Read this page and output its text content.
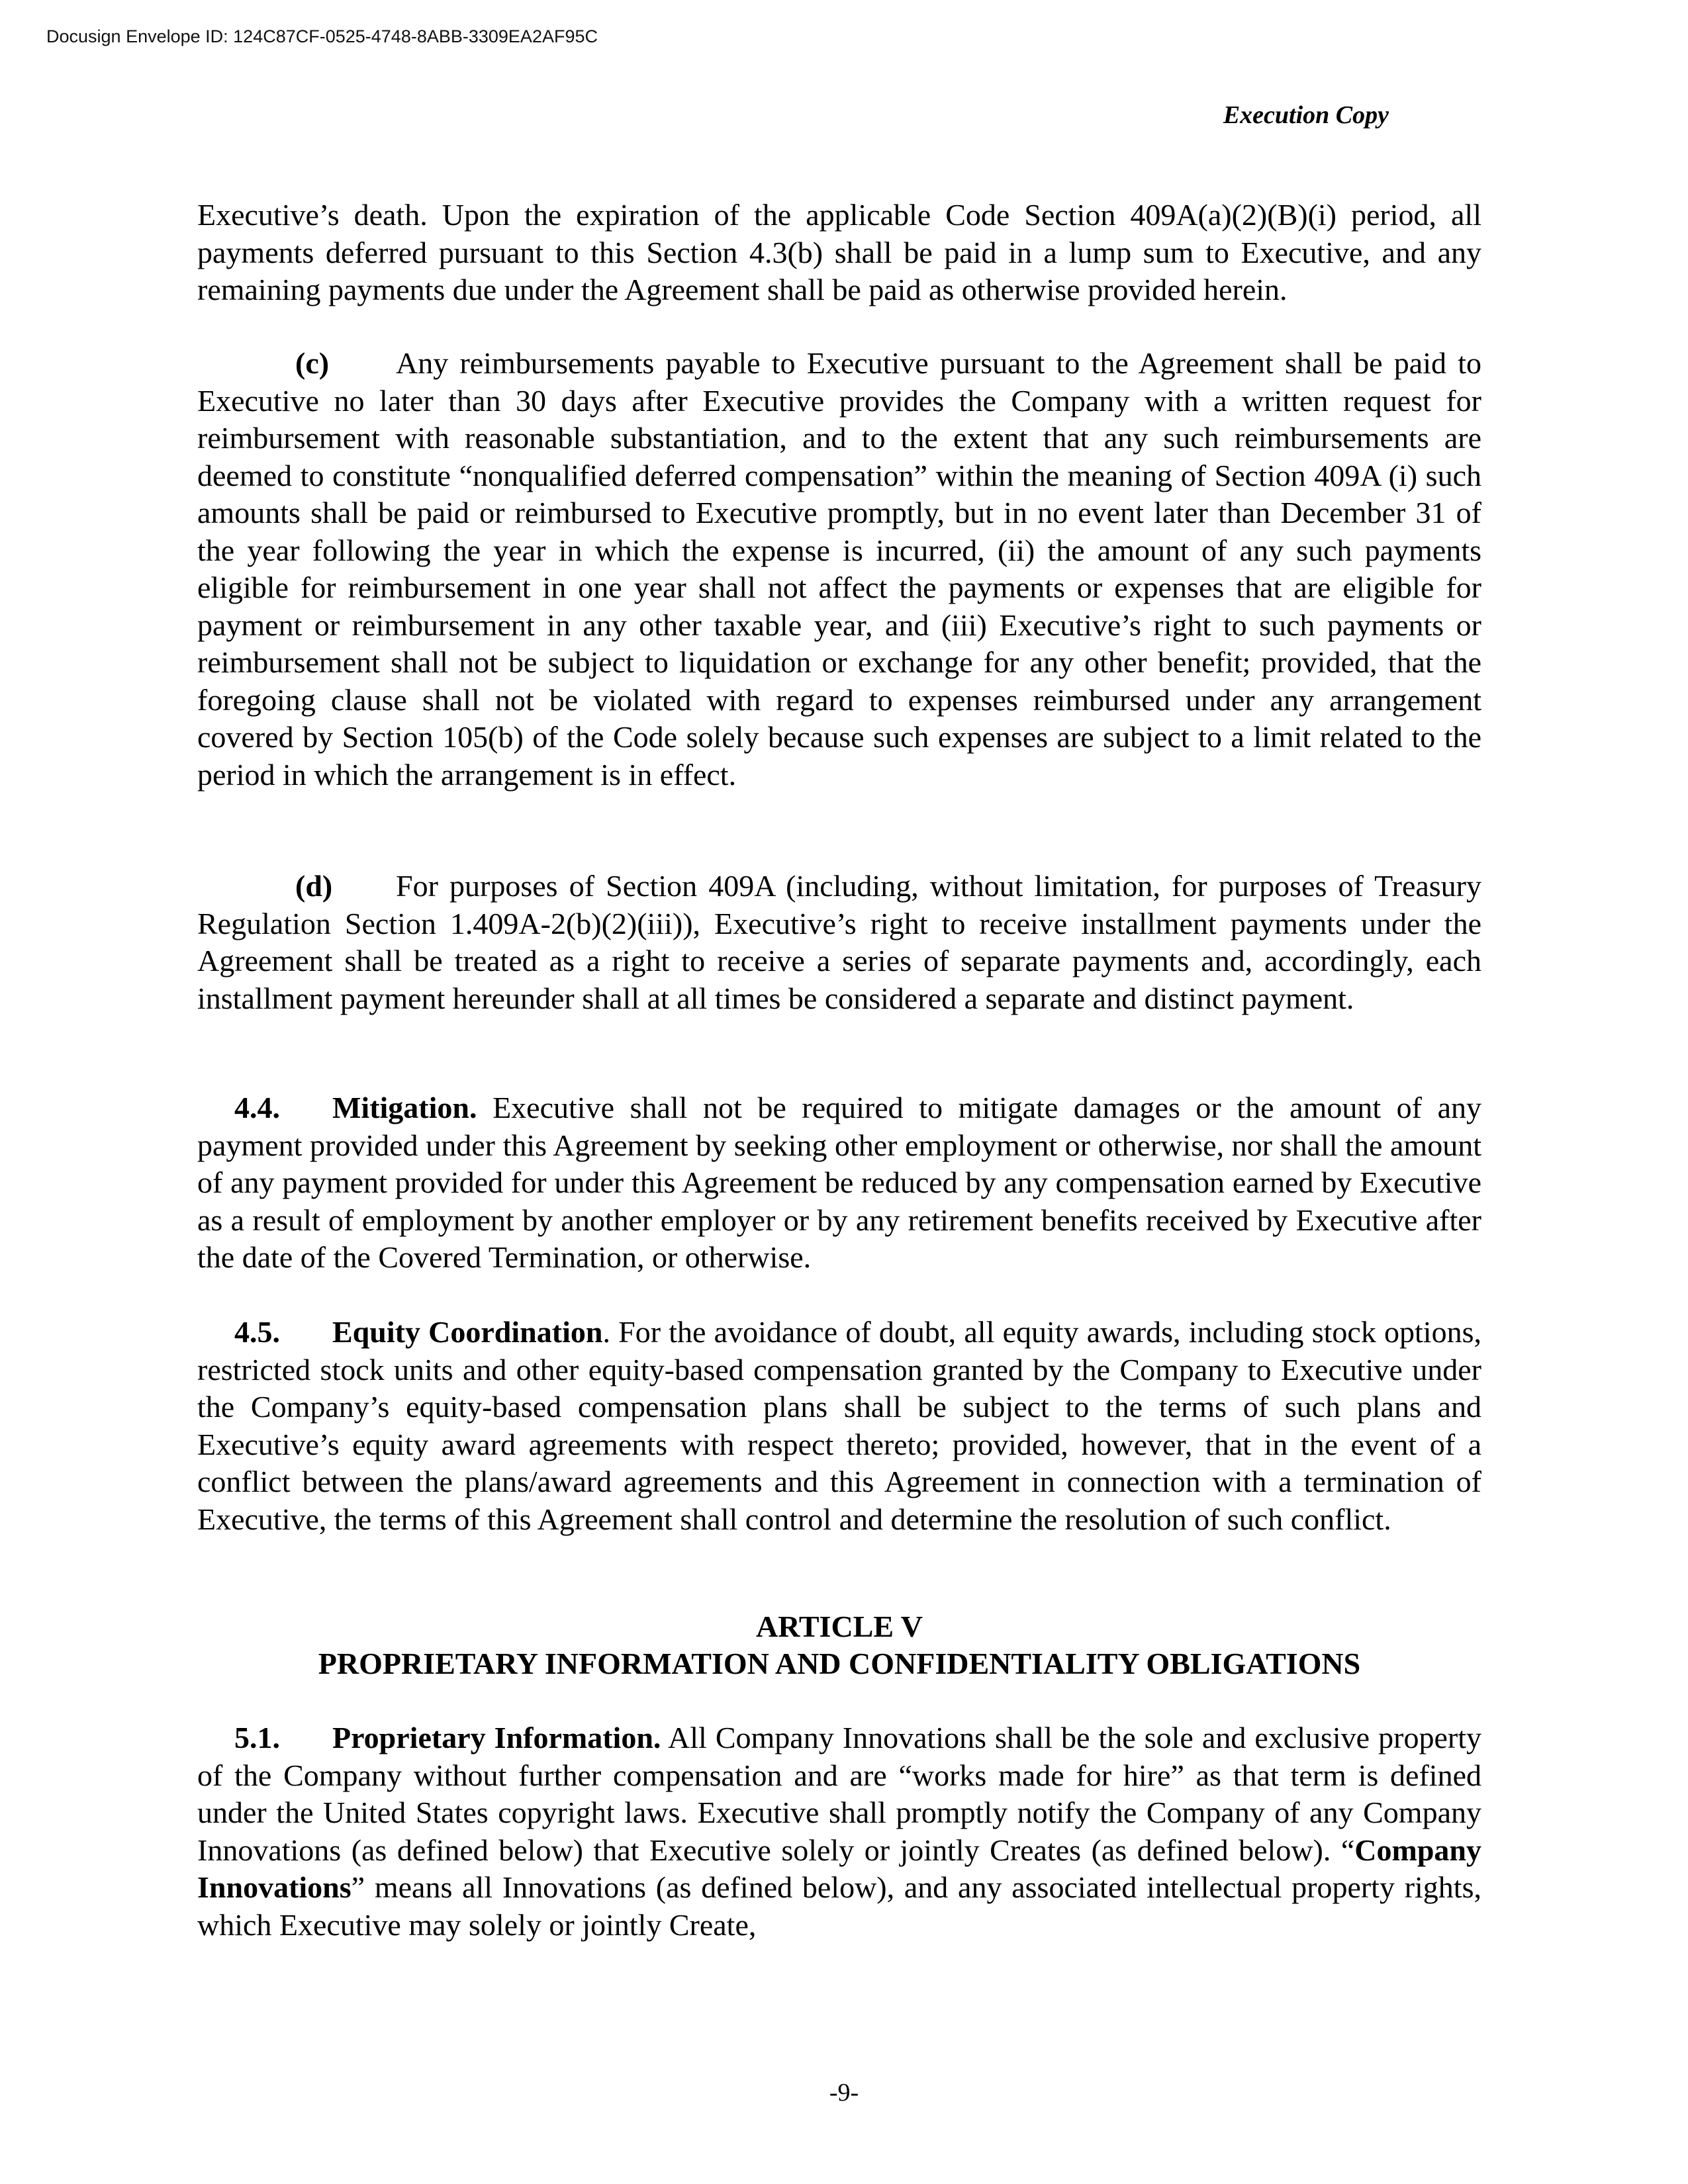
Docusign Envelope ID: 124C87CF-0525-4748-8ABB-3309EA2AF95C
Execution Copy

Executive’s death. Upon the expiration of the applicable Code Section 409A(a)(2)(B)(i) period, all payments deferred pursuant to this Section 4.3(b) shall be paid in a lump sum to Executive, and any remaining payments due under the Agreement shall be paid as otherwise provided herein.

(c) Any reimbursements payable to Executive pursuant to the Agreement shall be paid to Executive no later than 30 days after Executive provides the Company with a written request for reimbursement with reasonable substantiation, and to the extent that any such reimbursements are deemed to constitute “nonqualified deferred compensation” within the meaning of Section 409A (i) such amounts shall be paid or reimbursed to Executive promptly, but in no event later than December 31 of the year following the year in which the expense is incurred, (ii) the amount of any such payments eligible for reimbursement in one year shall not affect the payments or expenses that are eligible for payment or reimbursement in any other taxable year, and (iii) Executive’s right to such payments or reimbursement shall not be subject to liquidation or exchange for any other benefit; provided, that the foregoing clause shall not be violated with regard to expenses reimbursed under any arrangement covered by Section 105(b) of the Code solely because such expenses are subject to a limit related to the period in which the arrangement is in effect.

(d) For purposes of Section 409A (including, without limitation, for purposes of Treasury Regulation Section 1.409A-2(b)(2)(iii)), Executive’s right to receive installment payments under the Agreement shall be treated as a right to receive a series of separate payments and, accordingly, each installment payment hereunder shall at all times be considered a separate and distinct payment.

4.4. Mitigation. Executive shall not be required to mitigate damages or the amount of any payment provided under this Agreement by seeking other employment or otherwise, nor shall the amount of any payment provided for under this Agreement be reduced by any compensation earned by Executive as a result of employment by another employer or by any retirement benefits received by Executive after the date of the Covered Termination, or otherwise.

4.5. Equity Coordination. For the avoidance of doubt, all equity awards, including stock options, restricted stock units and other equity-based compensation granted by the Company to Executive under the Company’s equity-based compensation plans shall be subject to the terms of such plans and Executive’s equity award agreements with respect thereto; provided, however, that in the event of a conflict between the plans/award agreements and this Agreement in connection with a termination of Executive, the terms of this Agreement shall control and determine the resolution of such conflict.

ARTICLE V
PROPRIETARY INFORMATION AND CONFIDENTIALITY OBLIGATIONS

5.1. Proprietary Information. All Company Innovations shall be the sole and exclusive property of the Company without further compensation and are “works made for hire” as that term is defined under the United States copyright laws. Executive shall promptly notify the Company of any Company Innovations (as defined below) that Executive solely or jointly Creates (as defined below). “Company Innovations” means all Innovations (as defined below), and any associated intellectual property rights, which Executive may solely or jointly Create,

-9-
